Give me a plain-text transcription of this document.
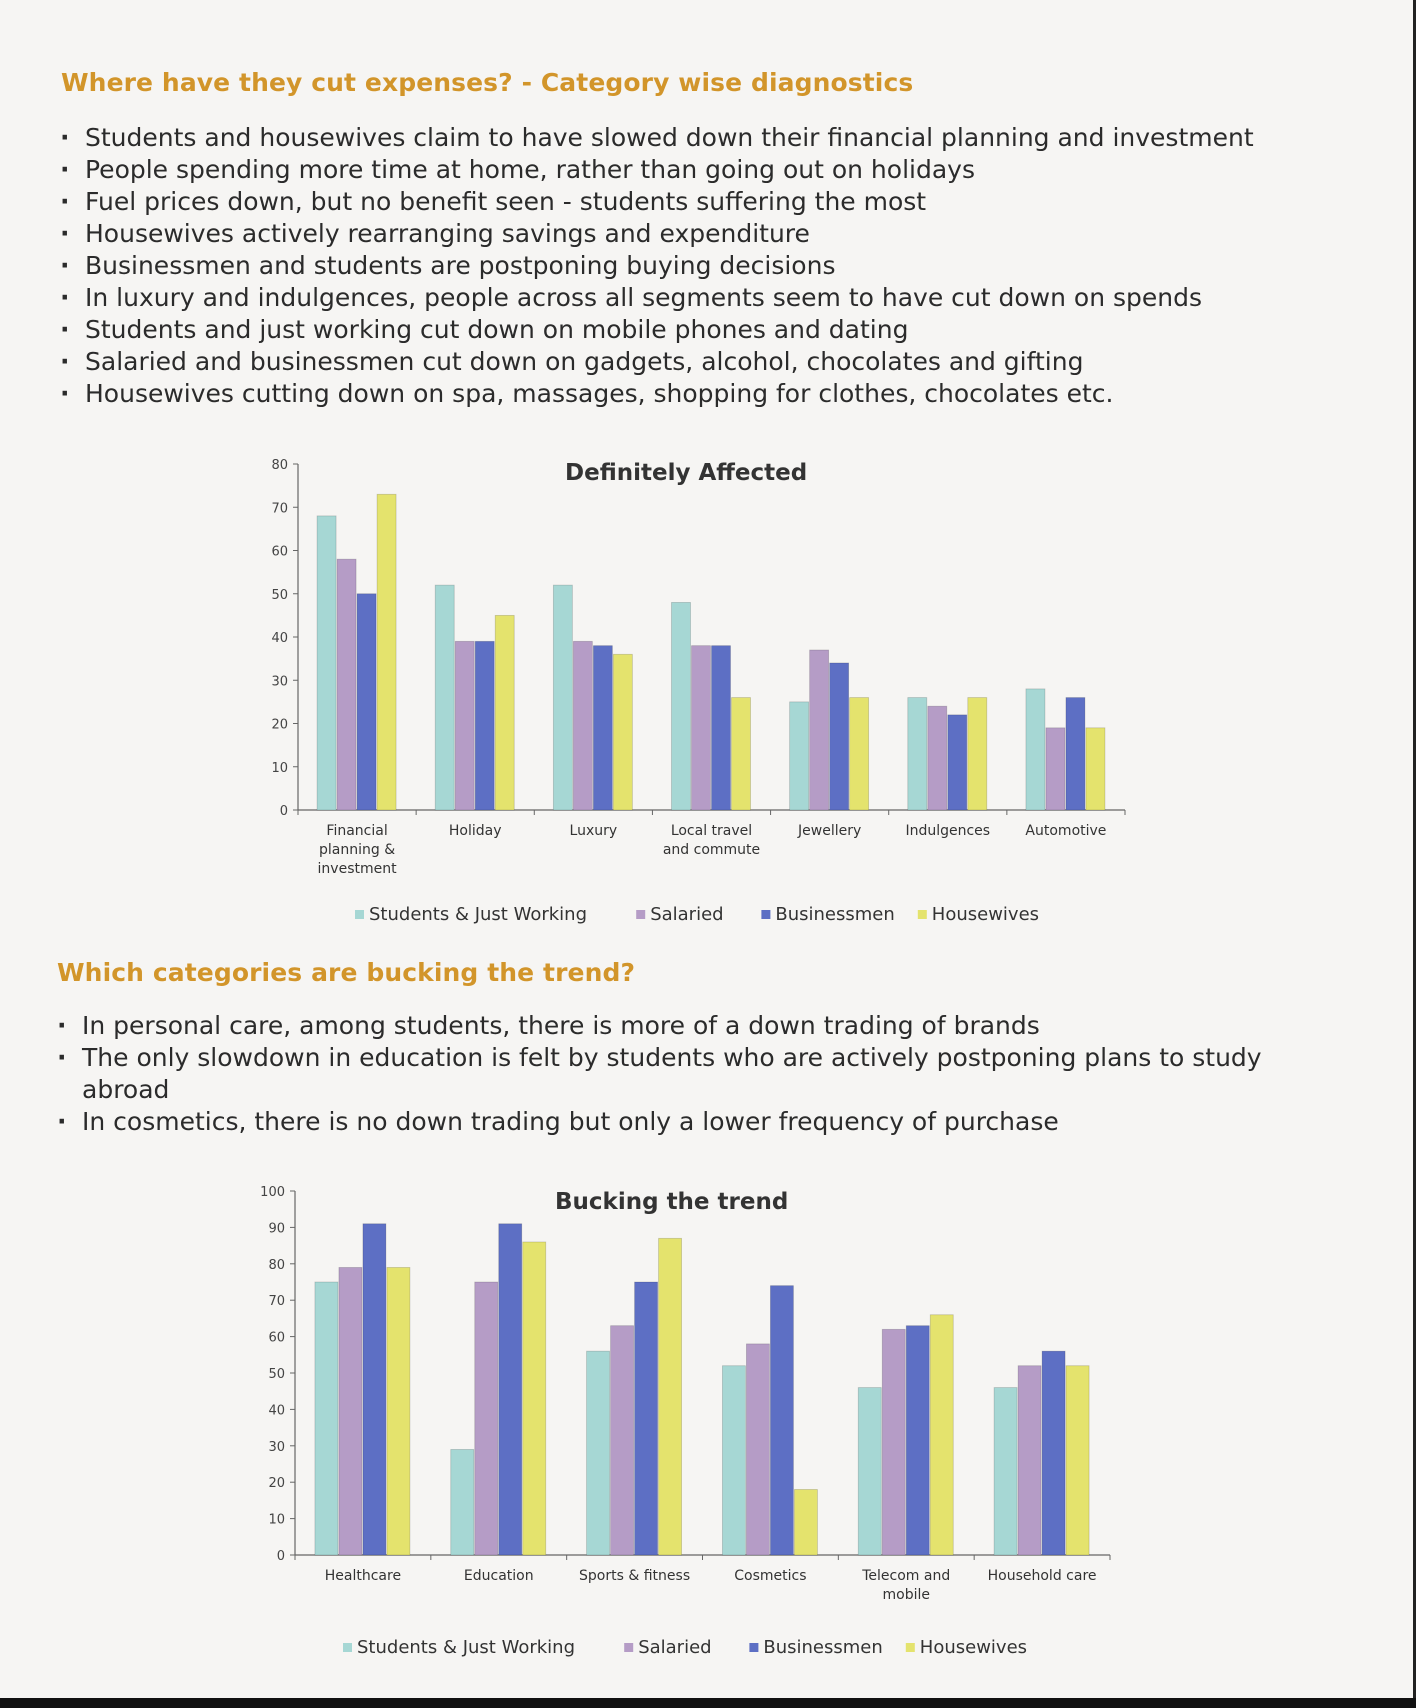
Where have they cut expenses? - Category wise diagnostics
· Students and housewives claim to have slowed down their financial planning and investment
· People spending more time at home, rather than going out on holidays
· Fuel prices down, but no benefit seen - students suffering the most
· Housewives actively rearranging savings and expenditure
· Businessmen and students are postponing buying decisions
· In luxury and indulgences, people across all segments seem to have cut down on spends
· Students and just working cut down on mobile phones and dating
· Salaried and businessmen cut down on gadgets, alcohol, chocolates and gifting
· Housewives cutting down on spa, massages, shopping for clothes, chocolates etc.
Definitely Affected
0
10
20
30
40
50
60
70
80
Financial
planning &
investment
Holiday	Luxury	Local travel
and commute
Jewellery	Indulgences	Automotive
Students & Just Working	Salaried	Businessmen Housewives
Which categories are bucking the trend?
· In personal care, among students, there is more of a down trading of brands
· The only slowdown in education is felt by students who are actively postponing plans to study abroad
· In cosmetics, there is no down trading but only a lower frequency of purchase
Bucking the trend
0
10
20
30
40
50
60
70
80
90
100
Healthcare	Education	Sports & fitness	Cosmetics	Telecom and
mobile
Household care
Students & Just Working	Salaried	Businessmen Housewives
